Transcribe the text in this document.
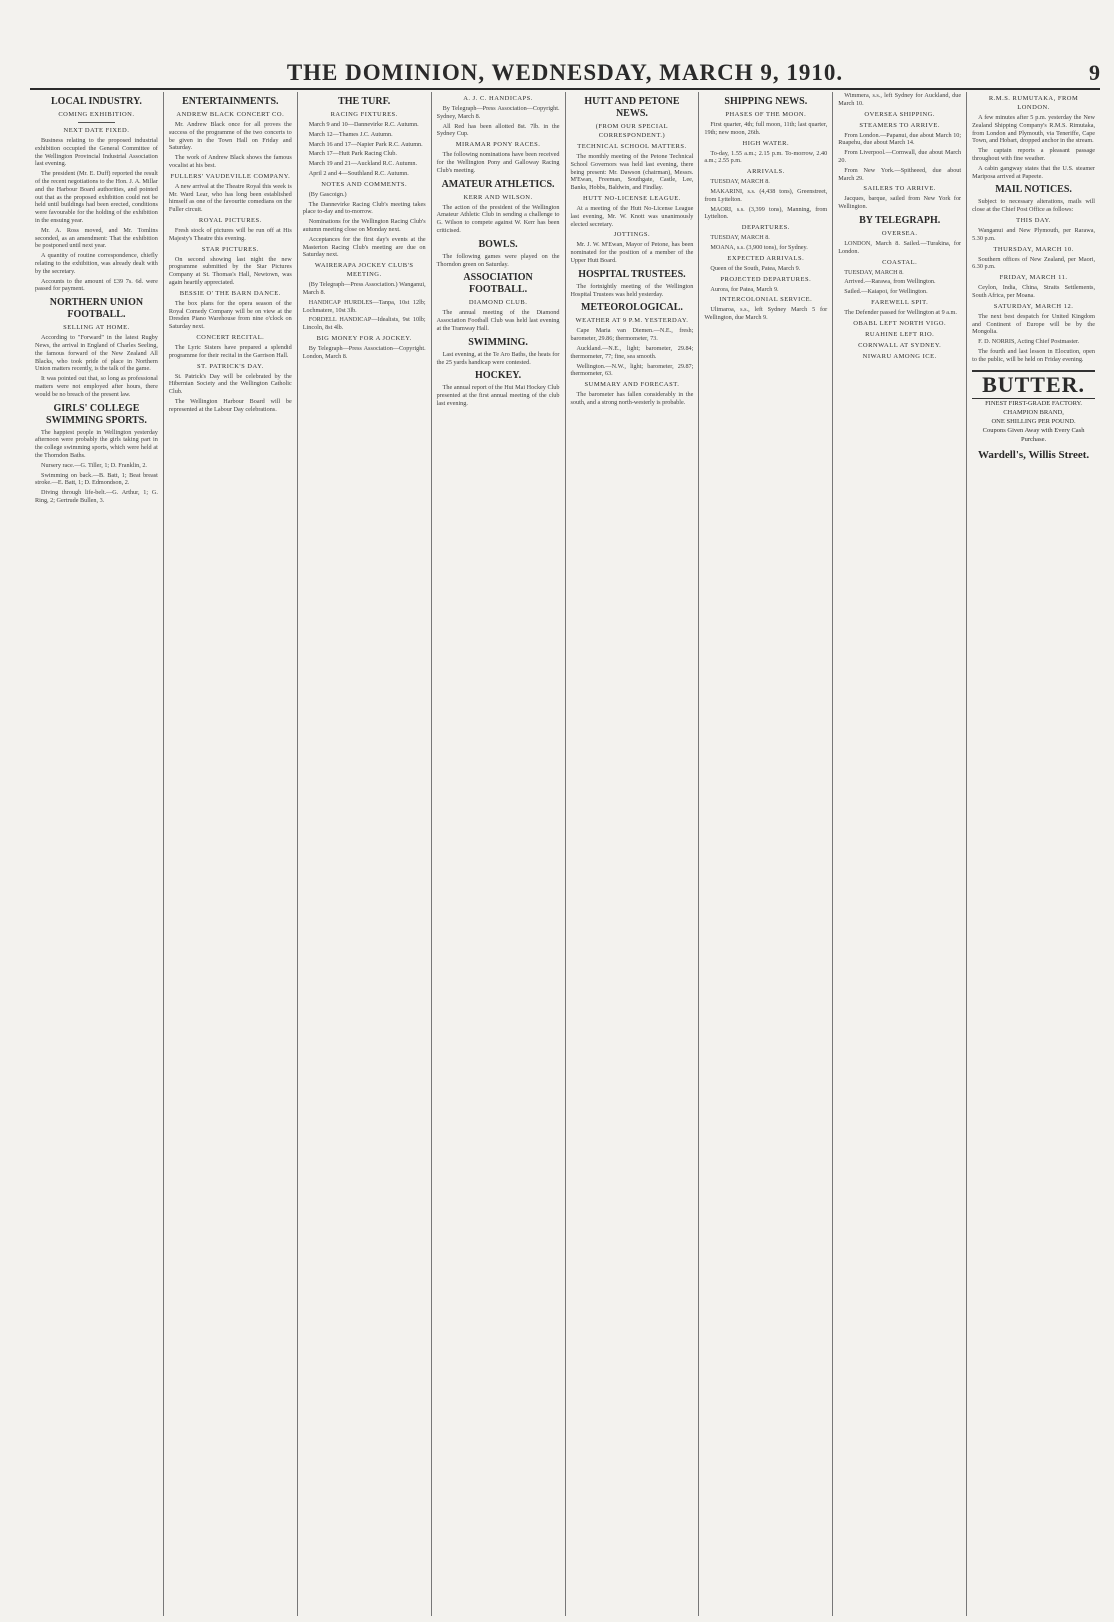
THE DOMINION, WEDNESDAY, MARCH 9, 1910.	9
LOCAL INDUSTRY.
COMING EXHIBITION.
NEXT DATE FIXED.
Business relating to the proposed industrial exhibition occupied the General Committee of the Wellington Provincial Industrial Association last evening.
The president (Mr. E. Duff) reported the result of the recent negotiations to the Hon. J. A. Millar and the Harbour Board authorities, and pointed out that as the proposed exhibition could not be held until buildings had been erected, conditions were favourable for the holding of the exhibition in the ensuing year.
Mr. A. Ross moved, and Mr. Tomlins seconded, as an amendment: That the exhibition be postponed until next year.
A quantity of routine correspondence, chiefly relating to the exhibition, was already dealt with by the secretary.
Accounts to the amount of £39 7s. 6d. were passed for payment.
NORTHERN UNION FOOTBALL.
SELLING AT HOME.
According to "Forward" in the latest Rugby News, the arrival in England of Charles Seeling, the famous forward of the New Zealand All Blacks, who took pride of place in Northern Union matters recently, is the talk of the game.
It was pointed out that, so long as professional matters were not employed after hours, there would be no breach of the present law.
GIRLS' COLLEGE SWIMMING SPORTS.
The happiest people in Wellington yesterday afternoon were probably the girls taking part in the college swimming sports, which were held at the Thorndon Baths.
Nursery race.—G. Tiller, 1; D. Franklin, 2.
Swimming on back.—B. Batt, 1; Beat breast stroke.—E. Batt, 1; D. Edmondson, 2.
Diving through life-belt.—G. Arthur, 1; G. Ring, 2; Gertrude Bullen, 3.
ENTERTAINMENTS.
ANDREW BLACK CONCERT CO.
Mr. Andrew Black once for all proves the success of the programme of the two concerts to be given in the Town Hall on Friday and Saturday.
The work of Andrew Black shows the famous vocalist at his best.
FULLERS' VAUDEVILLE COMPANY.
A new arrival at the Theatre Royal this week is Mr. Ward Lear, who has long been established himself as one of the favourite comedians on the Fuller circuit.
ROYAL PICTURES.
Fresh stock of pictures will be run off at His Majesty's Theatre this evening.
STAR PICTURES.
On second showing last night the new programme submitted by the Star Pictures Company at St. Thomas's Hall, Newtown, was again heartily appreciated.
BESSIE O' THE BARN DANCE.
The box plans for the opera season of the Royal Comedy Company will be on view at the Dresden Piano Warehouse from nine o'clock on Saturday next.
CONCERT RECITAL.
The Lyric Sisters have prepared a splendid programme for their recital in the Garrison Hall.
ST. PATRICK'S DAY.
St. Patrick's Day will be celebrated by the Hibernian Society and the Wellington Catholic Club.
The Wellington Harbour Board will be represented at the Labour Day celebrations.
THE TURF.
RACING FIXTURES.
March 9 and 10—Dannevirke R.C. Autumn.
March 12—Thames J.C. Autumn.
March 16 and 17—Napier Park R.C. Autumn.
March 17—Hutt Park Racing Club.
March 19 and 21—Auckland R.C. Autumn.
April 2 and 4—Southland R.C. Autumn.
NOTES AND COMMENTS.
(By Gascoign.)
The Dannevirke Racing Club's meeting takes place to-day and to-morrow.
Nominations for the Wellington Racing Club's autumn meeting close on Monday next.
Acceptances for the first day's events at the Masterton Racing Club's meeting are due on Saturday next.
WAIRERAPA JOCKEY CLUB'S MEETING.
(By Telegraph—Press Association.) Wanganui, March 8.
HANDICAP HURDLES—Tanpa, 10st 12lb; Lochmatere, 10st 3lb.
FORDELL HANDICAP—Idealists, 9st 10lb; Lincoln, 8st 4lb.
BIG MONEY FOR A JOCKEY.
By Telegraph—Press Association—Copyright. London, March 8.
A. J. C. HANDICAPS.
By Telegraph—Press Association—Copyright. Sydney, March 8.
All Red has been allotted 8st. 7lb. in the Sydney Cup.
MIRAMAR PONY RACES.
The following nominations have been received for the Wellington Pony and Galloway Racing Club's meeting.
AMATEUR ATHLETICS.
KERR AND WILSON.
The action of the president of the Wellington Amateur Athletic Club in sending a challenge to G. Wilson to compete against W. Kerr has been criticised.
BOWLS.
The following games were played on the Thorndon green on Saturday.
ASSOCIATION FOOTBALL.
DIAMOND CLUB.
The annual meeting of the Diamond Association Football Club was held last evening at the Tramway Hall.
SWIMMING.
Last evening, at the Te Aro Baths, the heats for the 25 yards handicap were contested.
HOCKEY.
The annual report of the Hui Mai Hockey Club presented at the first annual meeting of the club last evening.
HUTT AND PETONE NEWS.
(FROM OUR SPECIAL CORRESPONDENT.)
TECHNICAL SCHOOL MATTERS.
The monthly meeting of the Petone Technical School Governors was held last evening, there being present: Mr. Dawson (chairman), Messrs. M'Ewan, Freeman, Southgate, Castle, Lee, Banks, Hobbs, Baldwin, and Findlay.
HUTT NO-LICENSE LEAGUE.
At a meeting of the Hutt No-License League last evening, Mr. W. Knott was unanimously elected secretary.
JOTTINGS.
Mr. J. W. M'Ewan, Mayor of Petone, has been nominated for the position of a member of the Upper Hutt Board.
HOSPITAL TRUSTEES.
The fortnightly meeting of the Wellington Hospital Trustees was held yesterday.
METEOROLOGICAL.
WEATHER AT 9 P.M. YESTERDAY.
Cape Maria van Diemen.—N.E., fresh; barometer, 29.86; thermometer, 73.
Auckland.—N.E., light; barometer, 29.84; thermometer, 77; fine, sea smooth.
Wellington.—N.W., light; barometer, 29.87; thermometer, 63.
SUMMARY AND FORECAST.
The barometer has fallen considerably in the south, and a strong north-westerly is probable.
SHIPPING NEWS.
PHASES OF THE MOON.
First quarter, 4th; full moon, 11th; last quarter, 19th; new moon, 26th.
HIGH WATER.
To-day, 1.55 a.m.; 2.15 p.m. To-morrow, 2.40 a.m.; 2.55 p.m.
ARRIVALS.
TUESDAY, MARCH 8.
MAKARINI, s.s. (4,438 tons), Greenstreet, from Lyttelton.
MAORI, s.s. (3,399 tons), Manning, from Lyttelton.
DEPARTURES.
TUESDAY, MARCH 8.
MOANA, s.s. (3,900 tons), for Sydney.
EXPECTED ARRIVALS.
Queen of the South, Patea, March 9.
PROJECTED DEPARTURES.
Aurora, for Patea, March 9.
INTERCOLONIAL SERVICE.
Ulimaroa, s.s., left Sydney March 5 for Wellington, due March 9.
Wimmera, s.s., left Sydney for Auckland, due March 10.
OVERSEA SHIPPING.
STEAMERS TO ARRIVE.
From London.—Papanui, due about March 10; Ruapehu, due about March 14.
From Liverpool.—Cornwall, due about March 20.
From New York.—Spitheeed, due about March 29.
SAILERS TO ARRIVE.
Jacques, barque, sailed from New York for Wellington.
BY TELEGRAPH.
OVERSEA.
LONDON, March 8. Sailed.—Turakina, for London.
COASTAL.
TUESDAY, MARCH 8.
Arrived.—Rarawa, from Wellington.
Sailed.—Kaiapoi, for Wellington.
FAREWELL SPIT.
The Defender passed for Wellington at 9 a.m.
OBABL LEFT NORTH VIGO.
RUAHINE LEFT RIO.
CORNWALL AT SYDNEY.
NIWARU AMONG ICE.
R.M.S. RUMUTAKA, FROM LONDON.
A few minutes after 5 p.m. yesterday the New Zealand Shipping Company's R.M.S. Rimutaka, from London and Plymouth, via Teneriffe, Cape Town, and Hobart, dropped anchor in the stream.
The captain reports a pleasant passage throughout with fine weather.
A cabin gangway states that the U.S. steamer Mariposa arrived at Papeete.
MAIL NOTICES.
Subject to necessary alterations, mails will close at the Chief Post Office as follows:
THIS DAY.
Wanganui and New Plymouth, per Rarawa, 5.30 p.m.
THURSDAY, MARCH 10.
Southern offices of New Zealand, per Maori, 6.30 p.m.
FRIDAY, MARCH 11.
Ceylon, India, China, Straits Settlements, South Africa, per Moana.
SATURDAY, MARCH 12.
The next best despatch for United Kingdom and Continent of Europe will be by the Mongolia.
F. D. NORRIS, Acting Chief Postmaster.
The fourth and last lesson in Elocution, open to the public, will be held on Friday evening.
BUTTER.
FINEST FIRST-GRADE FACTORY.
CHAMPION BRAND,
ONE SHILLING PER POUND.
Coupons Given Away with Every Cash Purchase.
Wardell's, Willis Street.
